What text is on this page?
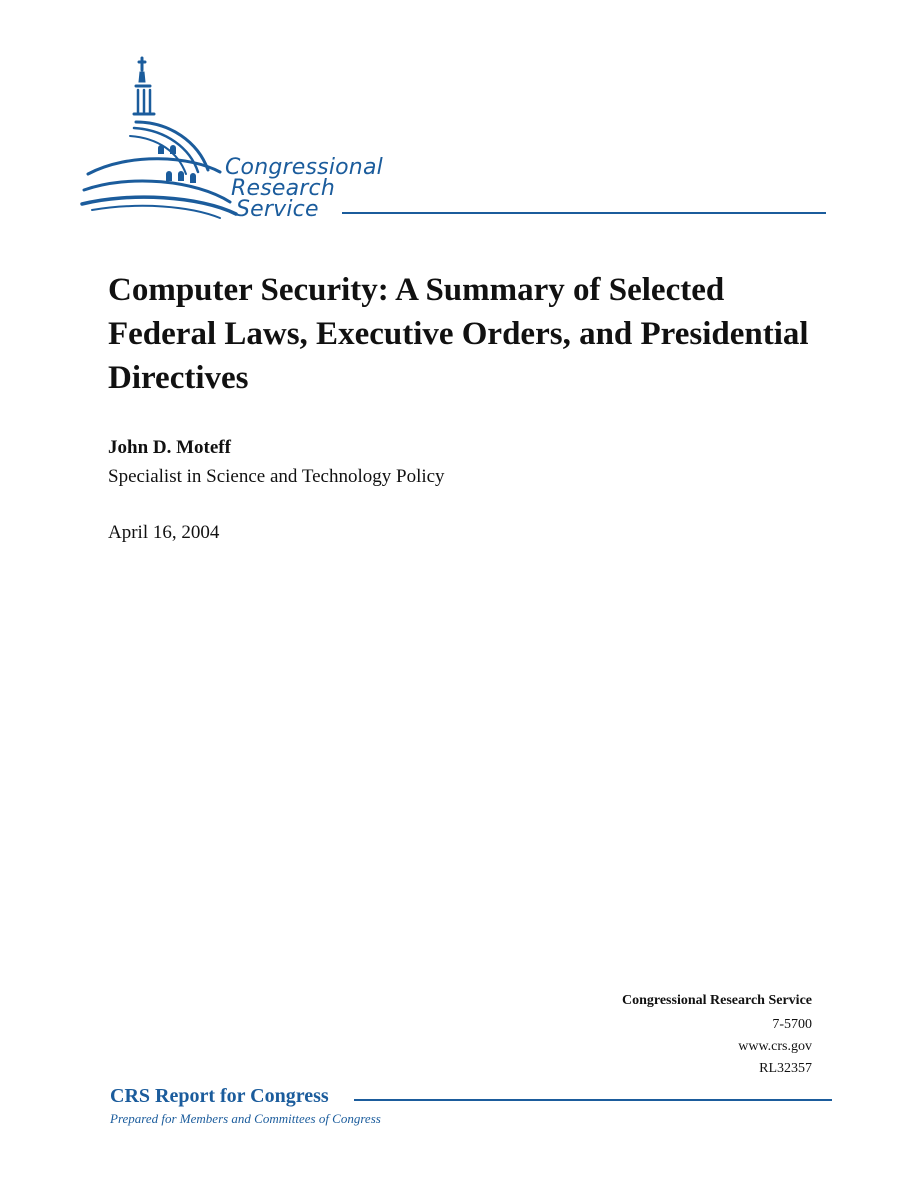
Congressional
Research
Service
Computer Security: A Summary of Selected Federal Laws, Executive Orders, and Presidential Directives
John D. Moteff
Specialist in Science and Technology Policy
April 16, 2004
Congressional Research Service
7-5700
www.crs.gov
RL32357
CRS Report for Congress
Prepared for Members and Committees of Congress
